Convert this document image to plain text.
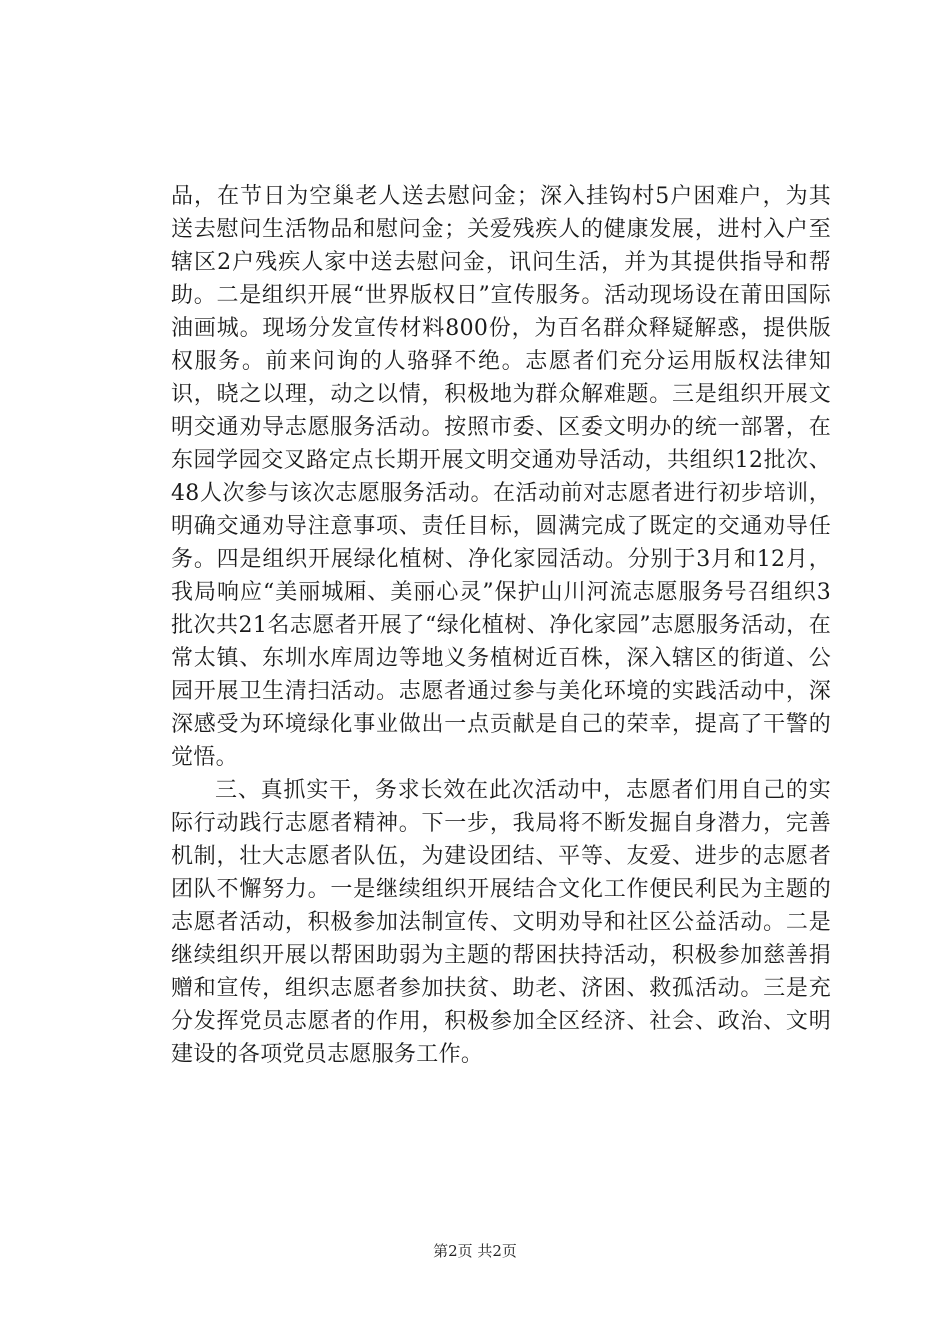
品，在节日为空巢老人送去慰问金；深入挂钩村5户困难户，为其送去慰问生活物品和慰问金；关爱残疾人的健康发展，进村入户至辖区2户残疾人家中送去慰问金，讯问生活，并为其提供指导和帮助。二是组织开展“世界版权日”宣传服务。活动现场设在莆田国际油画城。现场分发宣传材料800份，为百名群众释疑解惑，提供版权服务。前来问询的人骆驿不绝。志愿者们充分运用版权法律知识，晓之以理，动之以情，积极地为群众解难题。三是组织开展文明交通劝导志愿服务活动。按照市委、区委文明办的统一部署，在东园学园交叉路定点长期开展文明交通劝导活动，共组织12批次、48人次参与该次志愿服务活动。在活动前对志愿者进行初步培训，明确交通劝导注意事项、责任目标，圆满完成了既定的交通劝导任务。四是组织开展绿化植树、净化家园活动。分别于3月和12月，我局响应“美丽城厢、美丽心灵”保护山川河流志愿服务号召组织3批次共21名志愿者开展了“绿化植树、净化家园”志愿服务活动，在常太镇、东圳水库周边等地义务植树近百株，深入辖区的街道、公园开展卫生清扫活动。志愿者通过参与美化环境的实践活动中，深深感受为环境绿化事业做出一点贡献是自己的荣幸，提高了干警的觉悟。

三、真抓实干，务求长效在此次活动中，志愿者们用自己的实际行动践行志愿者精神。下一步，我局将不断发掘自身潜力，完善机制，壮大志愿者队伍，为建设团结、平等、友爱、进步的志愿者团队不懈努力。一是继续组织开展结合文化工作便民利民为主题的志愿者活动，积极参加法制宣传、文明劝导和社区公益活动。二是继续组织开展以帮困助弱为主题的帮困扶持活动，积极参加慈善捐赠和宣传，组织志愿者参加扶贫、助老、济困、救孤活动。三是充分发挥党员志愿者的作用，积极参加全区经济、社会、政治、文明建设的各项党员志愿服务工作。

第2页 共2页
